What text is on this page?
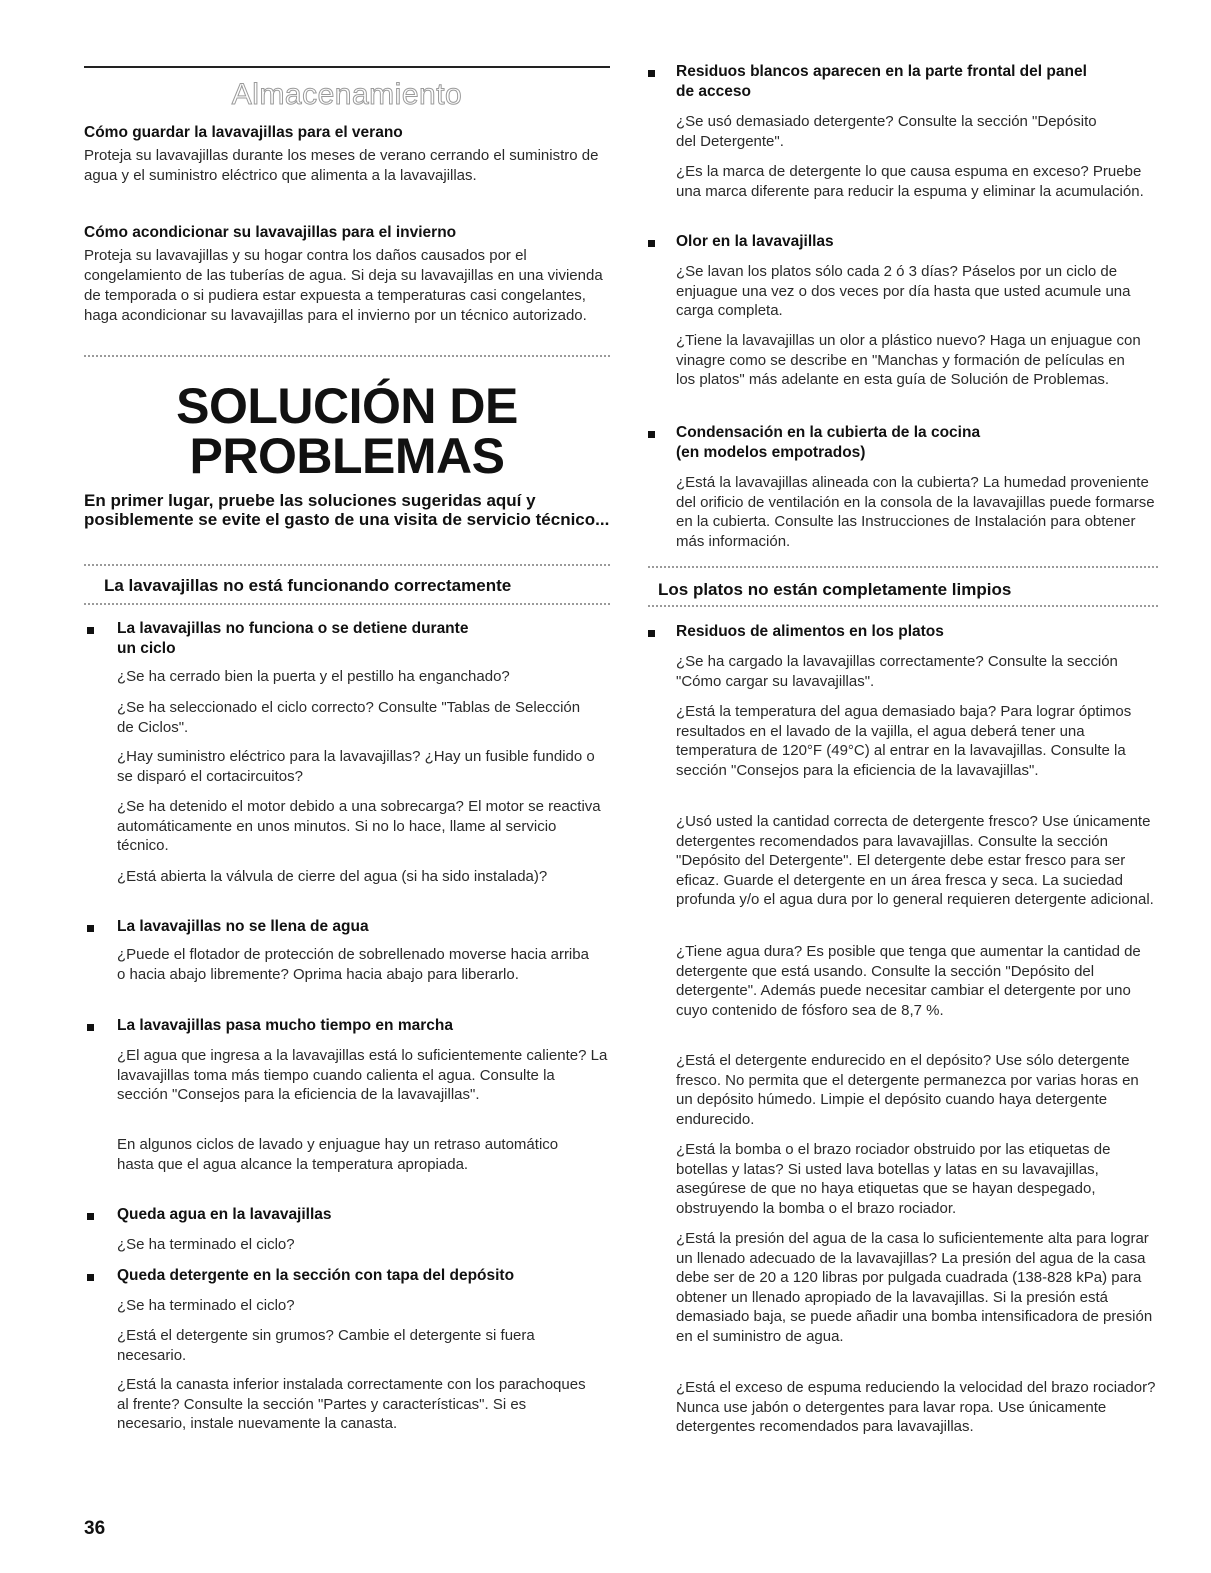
Almacenamiento
Cómo guardar la lavavajillas para el verano

Proteja su lavavajillas durante los meses de verano cerrando el suministro de agua y el suministro eléctrico que alimenta a la lavavajillas.

Cómo acondicionar su lavavajillas para el invierno

Proteja su lavavajillas y su hogar contra los daños causados por el congelamiento de las tuberías de agua. Si deja su lavavajillas en una vivienda de temporada o si pudiera estar expuesta a temperaturas casi congelantes, haga acondicionar su lavavajillas para el invierno por un técnico autorizado.

SOLUCIÓN DE
PROBLEMAS
En primer lugar, pruebe las soluciones sugeridas aquí y posiblemente se evite el gasto de una visita de servicio técnico...
La lavavajillas no está funcionando correctamente
La lavavajillas no funciona o se detiene durante
un ciclo

¿Se ha cerrado bien la puerta y el pestillo ha enganchado?

¿Se ha seleccionado el ciclo correcto? Consulte "Tablas de Selección de Ciclos".

¿Hay suministro eléctrico para la lavavajillas? ¿Hay un fusible fundido o se disparó el cortacircuitos?

¿Se ha detenido el motor debido a una sobrecarga? El motor se reactiva automáticamente en unos minutos. Si no lo hace, llame al servicio técnico.

¿Está abierta la válvula de cierre del agua (si ha sido instalada)?

La lavavajillas no se llena de agua

¿Puede el flotador de protección de sobrellenado moverse hacia arriba o hacia abajo libremente? Oprima hacia abajo para liberarlo.

La lavavajillas pasa mucho tiempo en marcha

¿El agua que ingresa a la lavavajillas está lo suficientemente caliente? La lavavajillas toma más tiempo cuando calienta el agua. Consulte la sección "Consejos para la eficiencia de la lavavajillas".

En algunos ciclos de lavado y enjuague hay un retraso automático hasta que el agua alcance la temperatura apropiada.

Queda agua en la lavavajillas

¿Se ha terminado el ciclo?

Queda detergente en la sección con tapa del depósito

¿Se ha terminado el ciclo?

¿Está el detergente sin grumos? Cambie el detergente si fuera necesario.

¿Está la canasta inferior instalada correctamente con los parachoques al frente? Consulte la sección "Partes y características". Si es necesario, instale nuevamente la canasta.

36
Residuos blancos aparecen en la parte frontal del panel
de acceso

¿Se usó demasiado detergente? Consulte la sección "Depósito del Detergente".

¿Es la marca de detergente lo que causa espuma en exceso? Pruebe una marca diferente para reducir la espuma y eliminar la acumulación.

Olor en la lavavajillas

¿Se lavan los platos sólo cada 2 ó 3 días? Páselos por un ciclo de enjuague una vez o dos veces por día hasta que usted acumule una carga completa.

¿Tiene la lavavajillas un olor a plástico nuevo? Haga un enjuague con vinagre como se describe en "Manchas y formación de películas en los platos" más adelante en esta guía de Solución de Problemas.

Condensación en la cubierta de la cocina
(en modelos empotrados)

¿Está la lavavajillas alineada con la cubierta? La humedad proveniente del orificio de ventilación en la consola de la lavavajillas puede formarse en la cubierta. Consulte las Instrucciones de Instalación para obtener más información.

Los platos no están completamente limpios
Residuos de alimentos en los platos

¿Se ha cargado la lavavajillas correctamente? Consulte la sección "Cómo cargar su lavavajillas".

¿Está la temperatura del agua demasiado baja? Para lograr óptimos resultados en el lavado de la vajilla, el agua deberá tener una temperatura de 120°F (49°C) al entrar en la lavavajillas. Consulte la sección "Consejos para la eficiencia de la lavavajillas".

¿Usó usted la cantidad correcta de detergente fresco? Use únicamente detergentes recomendados para lavavajillas. Consulte la sección "Depósito del Detergente". El detergente debe estar fresco para ser eficaz. Guarde el detergente en un área fresca y seca. La suciedad profunda y/o el agua dura por lo general requieren detergente adicional.

¿Tiene agua dura? Es posible que tenga que aumentar la cantidad de detergente que está usando. Consulte la sección "Depósito del detergente". Además puede necesitar cambiar el detergente por uno cuyo contenido de fósforo sea de 8,7 %.

¿Está el detergente endurecido en el depósito? Use sólo detergente fresco. No permita que el detergente permanezca por varias horas en un depósito húmedo. Limpie el depósito cuando haya detergente endurecido.

¿Está la bomba o el brazo rociador obstruido por las etiquetas de botellas y latas? Si usted lava botellas y latas en su lavavajillas, asegúrese de que no haya etiquetas que se hayan despegado, obstruyendo la bomba o el brazo rociador.

¿Está la presión del agua de la casa lo suficientemente alta para lograr un llenado adecuado de la lavavajillas? La presión del agua de la casa debe ser de 20 a 120 libras por pulgada cuadrada (138-828 kPa) para obtener un llenado apropiado de la lavavajillas. Si la presión está demasiado baja, se puede añadir una bomba intensificadora de presión en el suministro de agua.

¿Está el exceso de espuma reduciendo la velocidad del brazo rociador? Nunca use jabón o detergentes para lavar ropa. Use únicamente detergentes recomendados para lavavajillas.
